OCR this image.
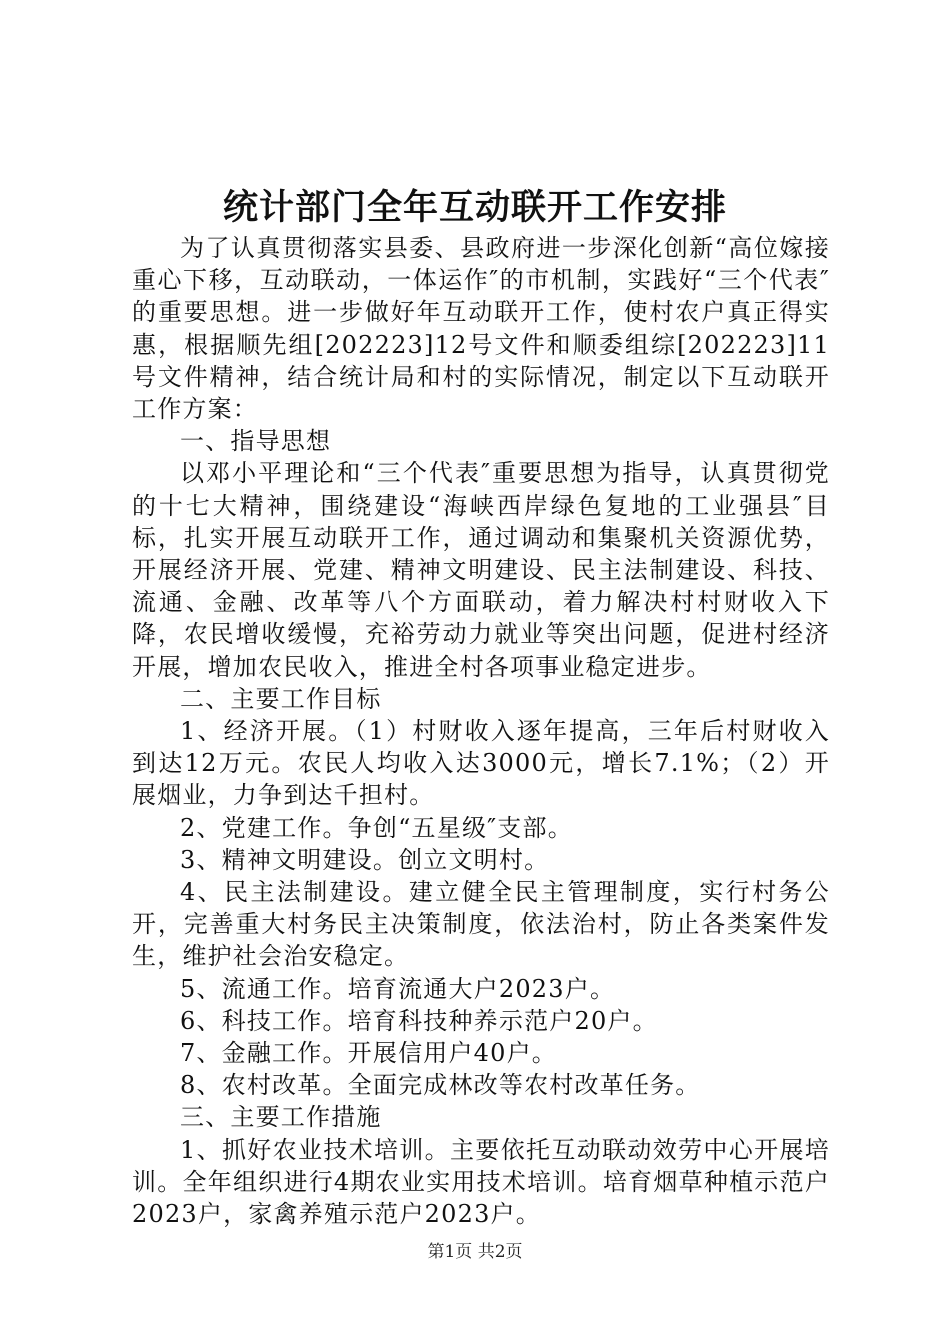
统计部门全年互动联开工作安排

为了认真贯彻落实县委、县政府进一步深化创新“高位嫁接重心下移，互动联动，一体运作″的市机制，实践好“三个代表″的重要思想。进一步做好年互动联开工作，使村农户真正得实惠，根据顺先组[202223]12号文件和顺委组综[202223]11号文件精神，结合统计局和村的实际情况，制定以下互动联开工作方案：

一、指导思想

以邓小平理论和“三个代表″重要思想为指导，认真贯彻党的十七大精神，围绕建设“海峡西岸绿色复地的工业强县″目标，扎实开展互动联开工作，通过调动和集聚机关资源优势，开展经济开展、党建、精神文明建设、民主法制建设、科技、流通、金融、改革等八个方面联动，着力解决村村财收入下降，农民增收缓慢，充裕劳动力就业等突出问题，促进村经济开展，增加农民收入，推进全村各项事业稳定进步。

二、主要工作目标

1、经济开展。（1）村财收入逐年提高，三年后村财收入到达12万元。农民人均收入达3000元，增长7.1%；（2）开展烟业，力争到达千担村。

2、党建工作。争创“五星级″支部。

3、精神文明建设。创立文明村。

4、民主法制建设。建立健全民主管理制度，实行村务公开，完善重大村务民主决策制度，依法治村，防止各类案件发生，维护社会治安稳定。

5、流通工作。培育流通大户2023户。

6、科技工作。培育科技种养示范户20户。

7、金融工作。开展信用户40户。

8、农村改革。全面完成林改等农村改革任务。

三、主要工作措施

1、抓好农业技术培训。主要依托互动联动效劳中心开展培训。全年组织进行4期农业实用技术培训。培育烟草种植示范户2023户，家禽养殖示范户2023户。

第1页 共2页
